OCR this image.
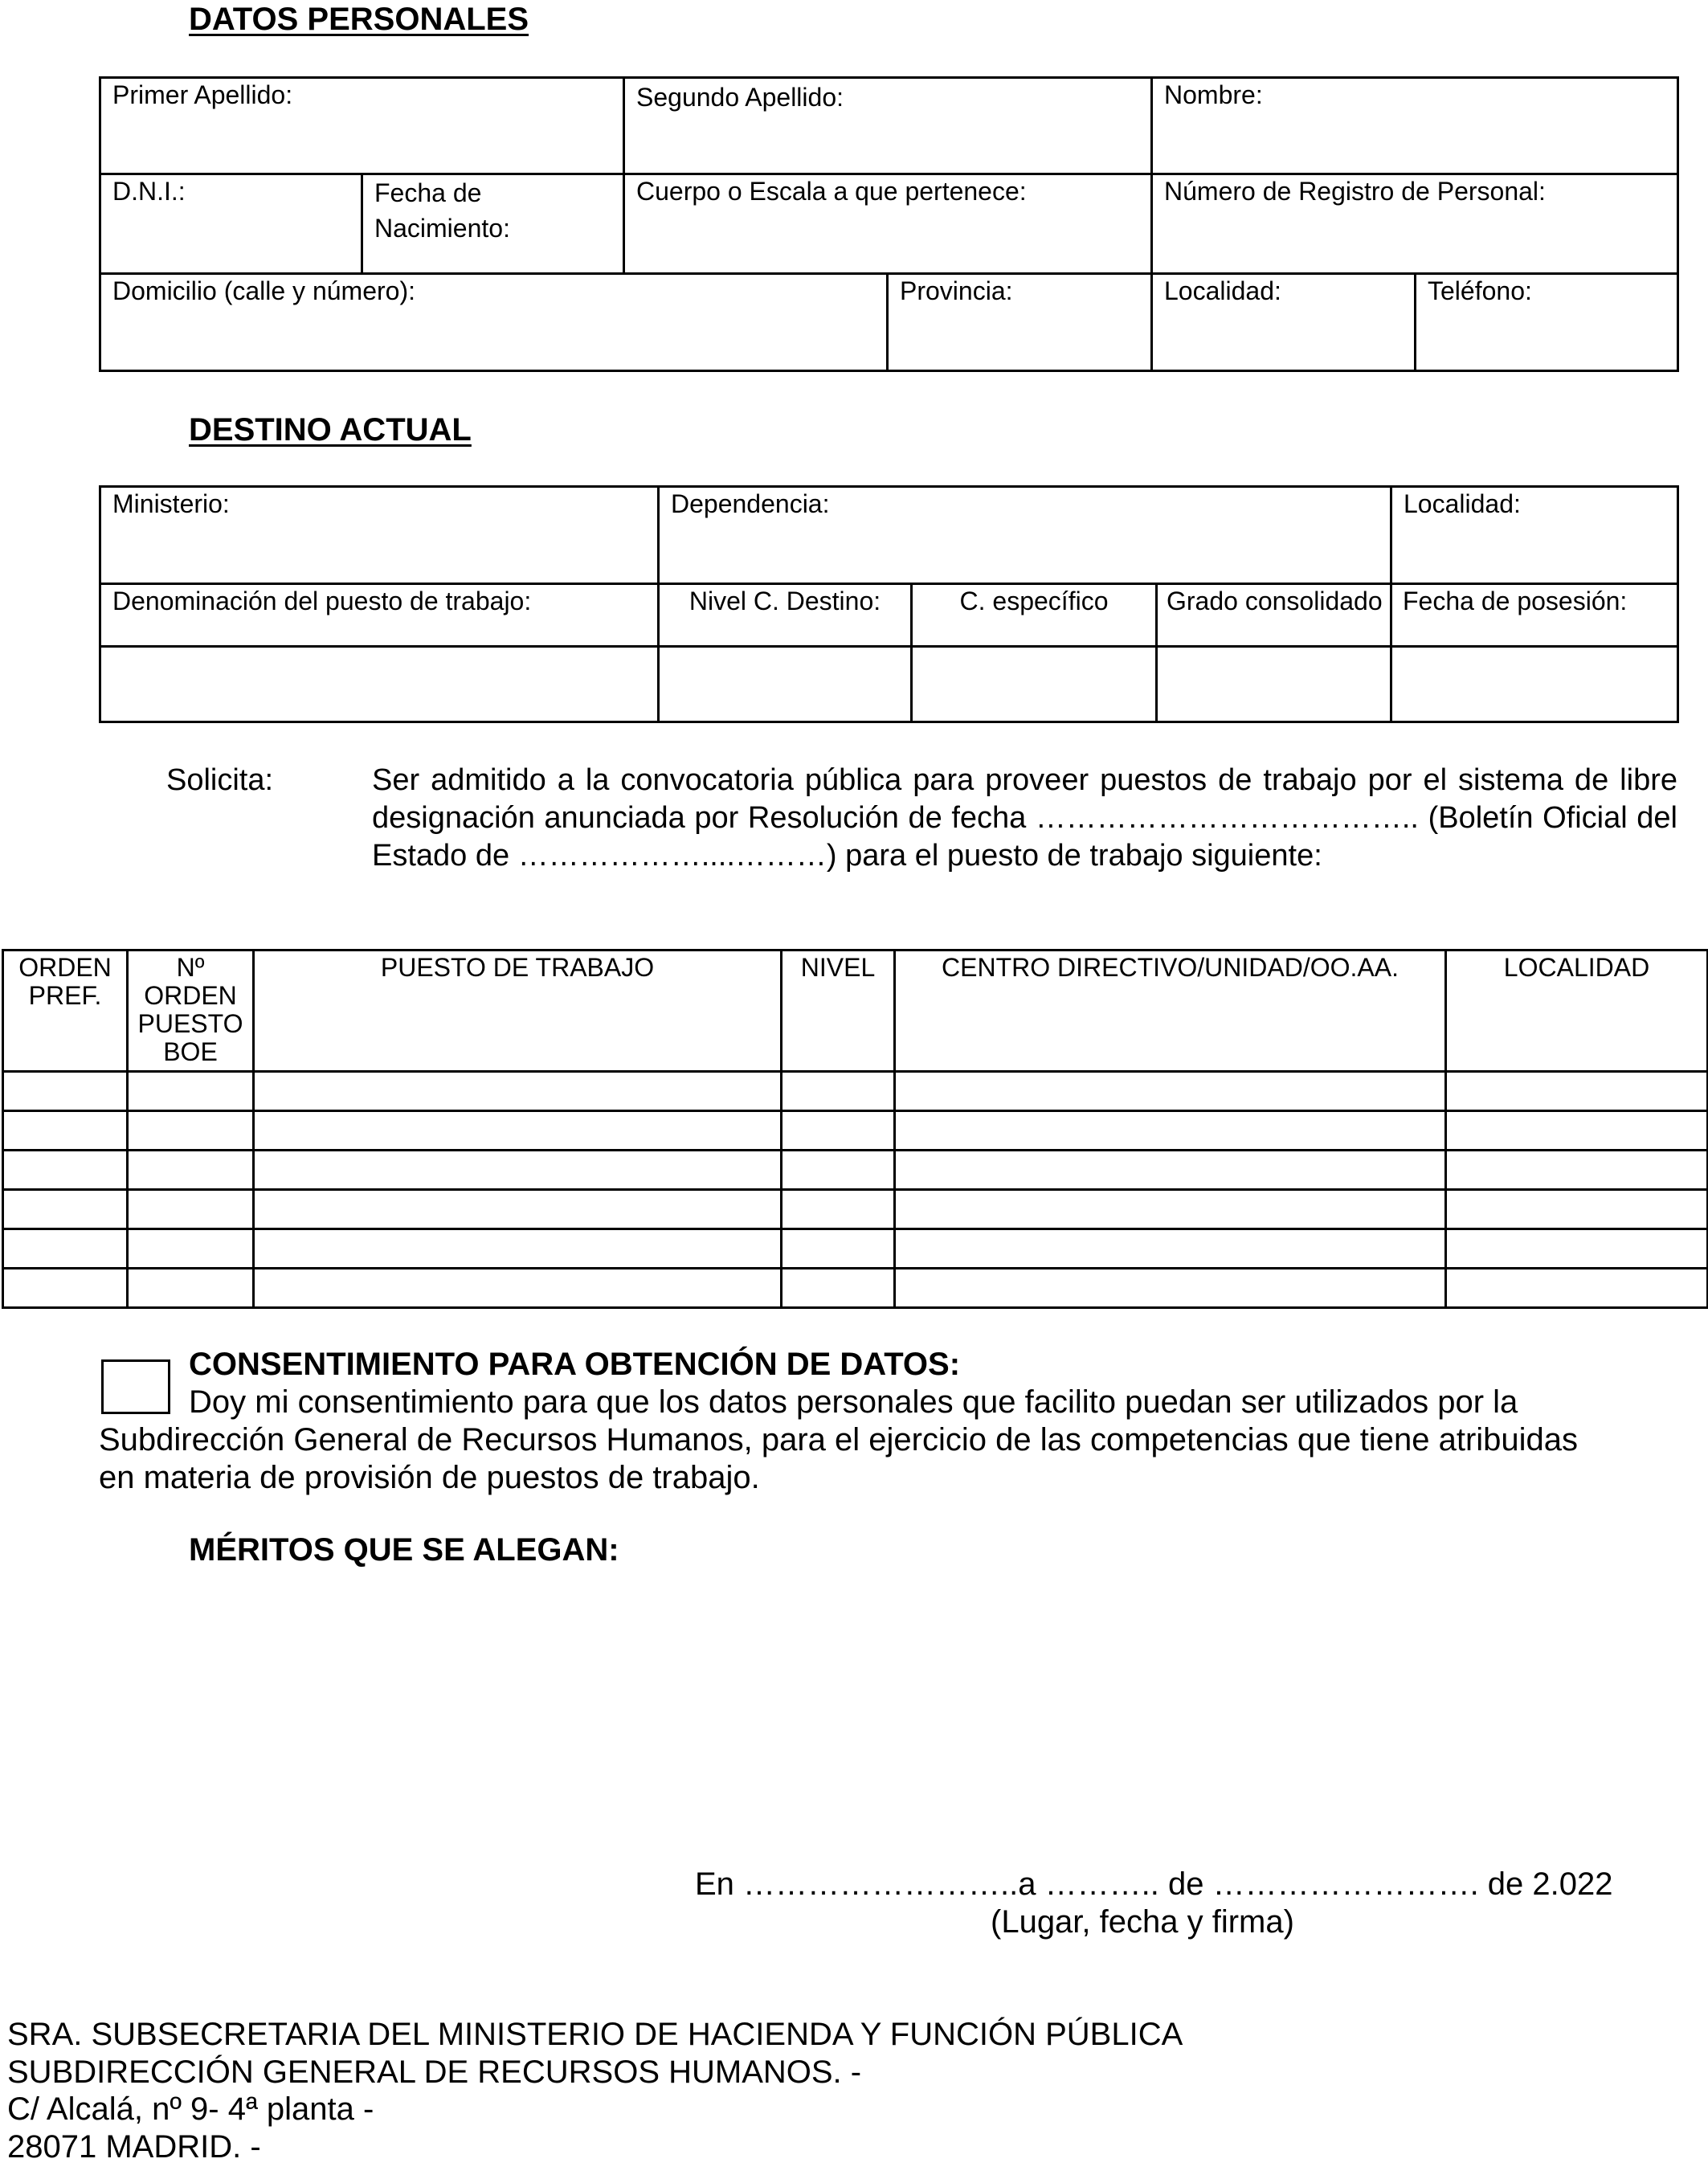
DATOS PERSONALES
Primer Apellido:	Segundo Apellido:	Nombre:
D.N.I.:	Fecha de Nacimiento:
Cuerpo o Escala a que pertenece:	Número de Registro de Personal:
Domicilio (calle y número):	Provincia:	Localidad:	Teléfono:
DESTINO ACTUAL
Ministerio:	Dependencia:	Localidad:
Denominación del puesto de trabajo:	Nivel C. Destino:	C. específico	Grado consolidado Fecha de posesión:
Solicita:	Ser admitido a la convocatoria pública para proveer puestos de trabajo por el sistema de libre
designación anunciada por Resolución de fecha ……………………………….. (Boletín Oficial del
Estado de ………………....………) para el puesto de trabajo siguiente:
ORDEN PREF.	Nº ORDEN PUESTO BOE	PUESTO DE TRABAJO	NIVEL	CENTRO DIRECTIVO/UNIDAD/OO.AA.	LOCALIDAD

CONSENTIMIENTO PARA OBTENCIÓN DE DATOS:
Doy mi consentimiento para que los datos personales que facilito puedan ser utilizados por la
Subdirección General de Recursos Humanos, para el ejercicio de las competencias que tiene atribuidas
en materia de provisión de puestos de trabajo.
MÉRITOS QUE SE ALEGAN:
En ……………………..a ……….. de ……………………. de 2.022
(Lugar, fecha y firma)
SRA. SUBSECRETARIA DEL MINISTERIO DE HACIENDA Y FUNCIÓN PÚBLICA
SUBDIRECCIÓN GENERAL DE RECURSOS HUMANOS. -
C/ Alcalá, nº 9- 4ª planta -
28071 MADRID. -
